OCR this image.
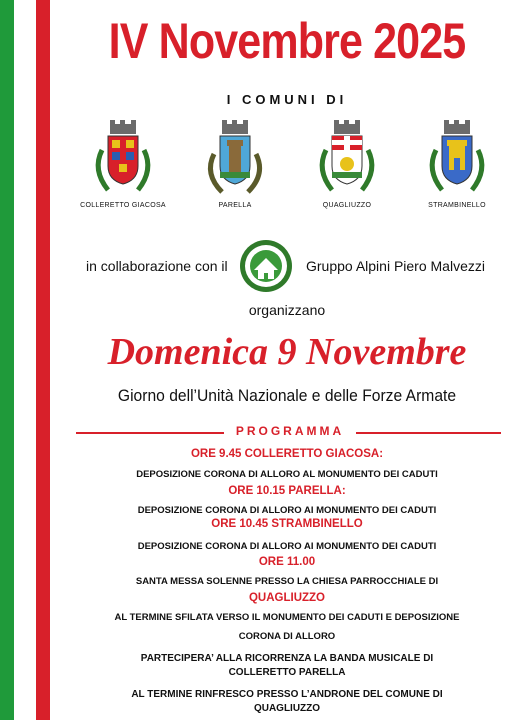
IV Novembre 2025
I COMUNI DI
COLLERETTO GIACOSA	PARELLA	QUAGLIUZZO	STRAMBINELLO
in collaborazione con il	Gruppo Alpini Piero Malvezzi
organizzano
Domenica 9 Novembre
Giorno dell’Unità Nazionale e delle Forze Armate
PROGRAMMA
ORE 9.45 COLLERETTO GIACOSA:
DEPOSIZIONE CORONA DI ALLORO AL MONUMENTO DEI CADUTI
ORE 10.15 PARELLA:
DEPOSIZIONE CORONA DI ALLORO AI MONUMENTO DEI CADUTI
ORE 10.45 STRAMBINELLO
DEPOSIZIONE CORONA DI ALLORO AI MONUMENTO DEI CADUTI
ORE 11.00
SANTA MESSA SOLENNE PRESSO LA CHIESA PARROCCHIALE DI
QUAGLIUZZO
AL TERMINE SFILATA VERSO IL MONUMENTO DEI CADUTI E DEPOSIZIONE
CORONA DI ALLORO
PARTECIPERA’ ALLA RICORRENZA LA BANDA MUSICALE DI
COLLERETTO PARELLA
AL TERMINE RINFRESCO PRESSO L’ANDRONE DEL COMUNE DI
QUAGLIUZZO
